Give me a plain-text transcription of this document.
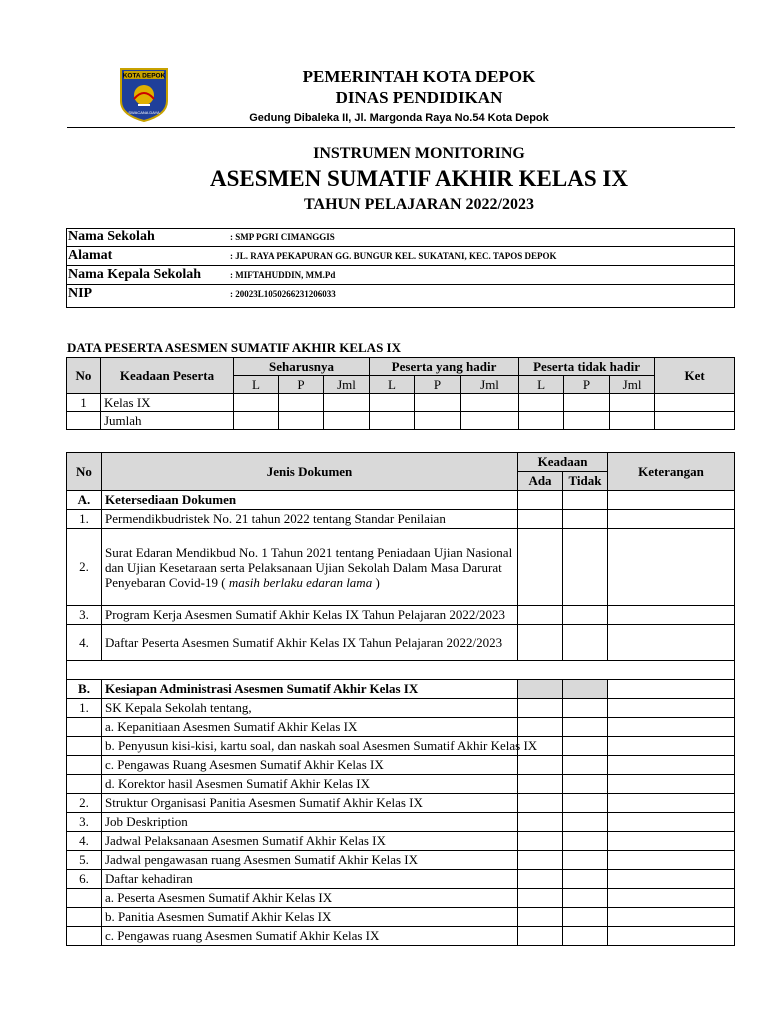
KOTA DEPOK
SWACANA DAYA
PEMERINTAH KOTA DEPOK
DINAS PENDIDIKAN
Gedung Dibaleka II, Jl. Margonda Raya No.54 Kota Depok
INSTRUMEN MONITORING
ASESMEN SUMATIF AKHIR KELAS IX
TAHUN PELAJARAN 2022/2023
Nama Sekolah	: SMP PGRI CIMANGGIS
Alamat	: JL. RAYA PEKAPURAN GG. BUNGUR KEL. SUKATANI, KEC. TAPOS DEPOK
Nama Kepala Sekolah	: MIFTAHUDDIN, MM.Pd
NIP	: 20023L1050266231206033
DATA PESERTA ASESMEN SUMATIF AKHIR KELAS IX
No	Keadaan Peserta	Seharusnya			Peserta yang hadir			Peserta tidak hadir			Ket
		L	P	Jml	L	P	Jml	L	P	Jml	
1	Kelas IX										
	Jumlah										
No	Jenis Dokumen	Keadaan		Keterangan
		Ada	Tidak	
A.	Ketersediaan Dokumen			
1.	Permendikbudristek No. 21 tahun 2022 tentang Standar Penilaian			
2.	Surat Edaran Mendikbud No. 1 Tahun 2021 tentang Peniadaan Ujian Nasional dan Ujian Kesetaraan serta Pelaksanaan Ujian Sekolah Dalam Masa Darurat Penyebaran Covid-19 ( masih berlaku edaran lama )			
3.	Program Kerja Asesmen Sumatif Akhir Kelas IX Tahun Pelajaran 2022/2023			
4.	Daftar Peserta Asesmen Sumatif Akhir Kelas IX Tahun Pelajaran 2022/2023			

B.	Kesiapan Administrasi Asesmen Sumatif Akhir Kelas IX			
1.	SK Kepala Sekolah tentang,			
	a. Kepanitiaan Asesmen Sumatif Akhir Kelas IX			
	b. Penyusun kisi-kisi, kartu soal, dan naskah soal Asesmen Sumatif Akhir Kelas IX			
	c. Pengawas Ruang Asesmen Sumatif Akhir Kelas IX			
	d. Korektor hasil Asesmen Sumatif Akhir Kelas IX			
2.	Struktur Organisasi Panitia Asesmen Sumatif Akhir Kelas IX			
3.	Job Deskription			
4.	Jadwal Pelaksanaan Asesmen Sumatif Akhir Kelas IX			
5.	Jadwal pengawasan ruang Asesmen Sumatif Akhir Kelas IX			
6.	Daftar kehadiran			
	a. Peserta Asesmen Sumatif Akhir Kelas IX			
	b. Panitia Asesmen Sumatif Akhir Kelas IX			
	c. Pengawas ruang Asesmen Sumatif Akhir Kelas IX			
